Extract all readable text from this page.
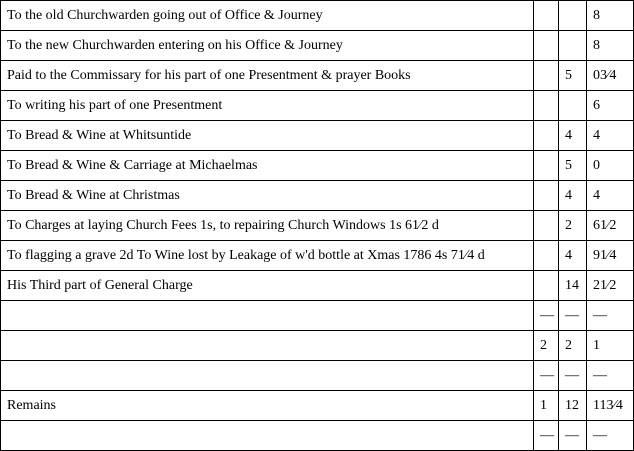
To the old Churchwarden going out of Office & Journey			8
To the new Churchwarden entering on his Office & Journey			8
Paid to the Commissary for his part of one Presentment & prayer Books		5	03⁄4
To writing his part of one Presentment			6
To Bread & Wine at Whitsuntide		4	4
To Bread & Wine & Carriage at Michaelmas		5	0
To Bread & Wine at Christmas		4	4
To Charges at laying Church Fees 1s, to repairing Church Windows 1s 61⁄2 d		2	61⁄2
To flagging a grave 2d To Wine lost by Leakage of w'd bottle at Xmas 1786 4s 71⁄4 d		4	91⁄4
His Third part of General Charge		14	21⁄2
	—	—	—
	2	2	1
	—	—	—
Remains	1	12	113⁄4
	—	—	—
